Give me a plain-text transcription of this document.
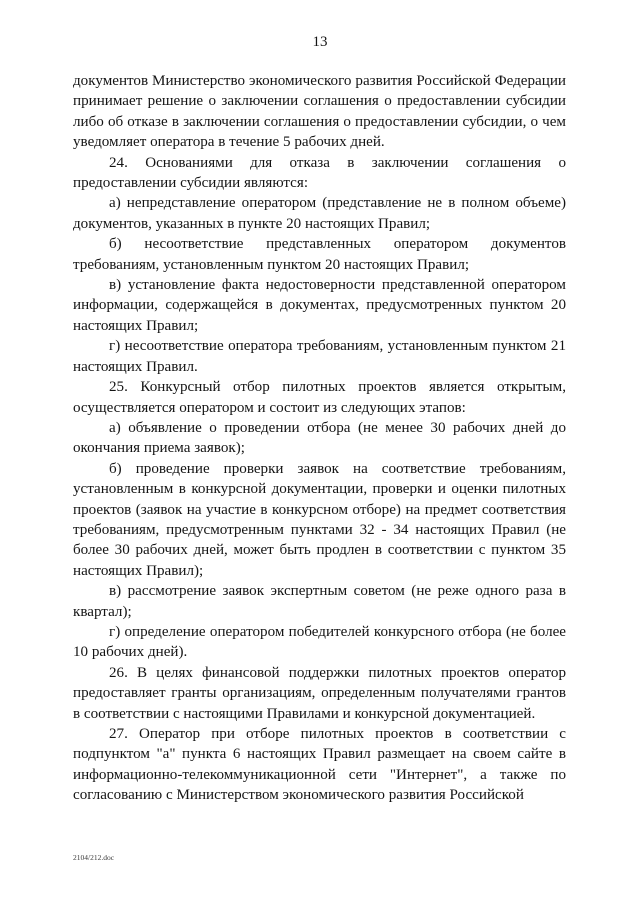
13

документов Министерство экономического развития Российской Федерации принимает решение о заключении соглашения о предоставлении субсидии либо об отказе в заключении соглашения о предоставлении субсидии, о чем уведомляет оператора в течение 5 рабочих дней.

24. Основаниями для отказа в заключении соглашения о предоставлении субсидии являются:

а) непредставление оператором (представление не в полном объеме) документов, указанных в пункте 20 настоящих Правил;

б) несоответствие представленных оператором документов требованиям, установленным пунктом 20 настоящих Правил;

в) установление факта недостоверности представленной оператором информации, содержащейся в документах, предусмотренных пунктом 20 настоящих Правил;

г) несоответствие оператора требованиям, установленным пунктом 21 настоящих Правил.

25. Конкурсный отбор пилотных проектов является открытым, осуществляется оператором и состоит из следующих этапов:

а) объявление о проведении отбора (не менее 30 рабочих дней до окончания приема заявок);

б) проведение проверки заявок на соответствие требованиям, установленным в конкурсной документации, проверки и оценки пилотных проектов (заявок на участие в конкурсном отборе) на предмет соответствия требованиям, предусмотренным пунктами 32 - 34 настоящих Правил (не более 30 рабочих дней, может быть продлен в соответствии с пунктом 35 настоящих Правил);

в) рассмотрение заявок экспертным советом (не реже одного раза в квартал);

г) определение оператором победителей конкурсного отбора (не более 10 рабочих дней).

26. В целях финансовой поддержки пилотных проектов оператор предоставляет гранты организациям, определенным получателями грантов в соответствии с настоящими Правилами и конкурсной документацией.

27. Оператор при отборе пилотных проектов в соответствии с подпунктом "а" пункта 6 настоящих Правил размещает на своем сайте в информационно-телекоммуникационной сети "Интернет", а также по согласованию с Министерством экономического развития Российской

2104/212.doc
